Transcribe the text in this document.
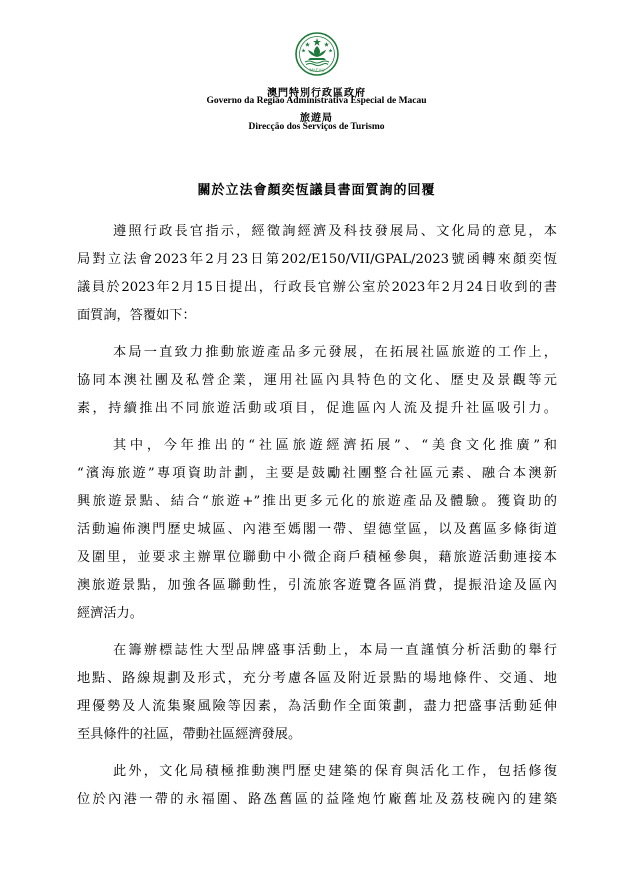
MACAU
澳門特別行政區政府
Governo da Região Administrativa Especial de Macau
旅遊局
Direcção dos Serviços de Turismo
關於立法會顏奕恆議員書面質詢的回覆
遵照行政長官指示，經徵詢經濟及科技發展局、文化局的意見，本
局對立法會2023年2月23日第202/E150/VII/GPAL/2023號函轉來顏奕恆
議員於2023年2月15日提出，行政長官辦公室於2023年2月24日收到的書
面質詢，答覆如下：
本局一直致力推動旅遊產品多元發展，在拓展社區旅遊的工作上，
協同本澳社團及私營企業，運用社區內具特色的文化、歷史及景觀等元
素，持續推出不同旅遊活動或項目，促進區內人流及提升社區吸引力。
其中，今年推出的“社區旅遊經濟拓展”、“美食文化推廣”和
“濱海旅遊”專項資助計劃，主要是鼓勵社團整合社區元素、融合本澳新
興旅遊景點、結合“旅遊+”推出更多元化的旅遊產品及體驗。獲資助的
活動遍佈澳門歷史城區、內港至媽閣一帶、望德堂區，以及舊區多條街道
及圍里，並要求主辦單位聯動中小微企商戶積極參與，藉旅遊活動連接本
澳旅遊景點，加強各區聯動性，引流旅客遊覽各區消費，提振沿途及區內
經濟活力。
在籌辦標誌性大型品牌盛事活動上，本局一直謹慎分析活動的舉行
地點、路線規劃及形式，充分考慮各區及附近景點的場地條件、交通、地
理優勢及人流集聚風險等因素，為活動作全面策劃，盡力把盛事活動延伸
至具條件的社區，帶動社區經濟發展。
此外，文化局積極推動澳門歷史建築的保育與活化工作，包括修復
位於內港一帶的永福圍、路氹舊區的益隆炮竹廠舊址及荔枝碗內的建築
